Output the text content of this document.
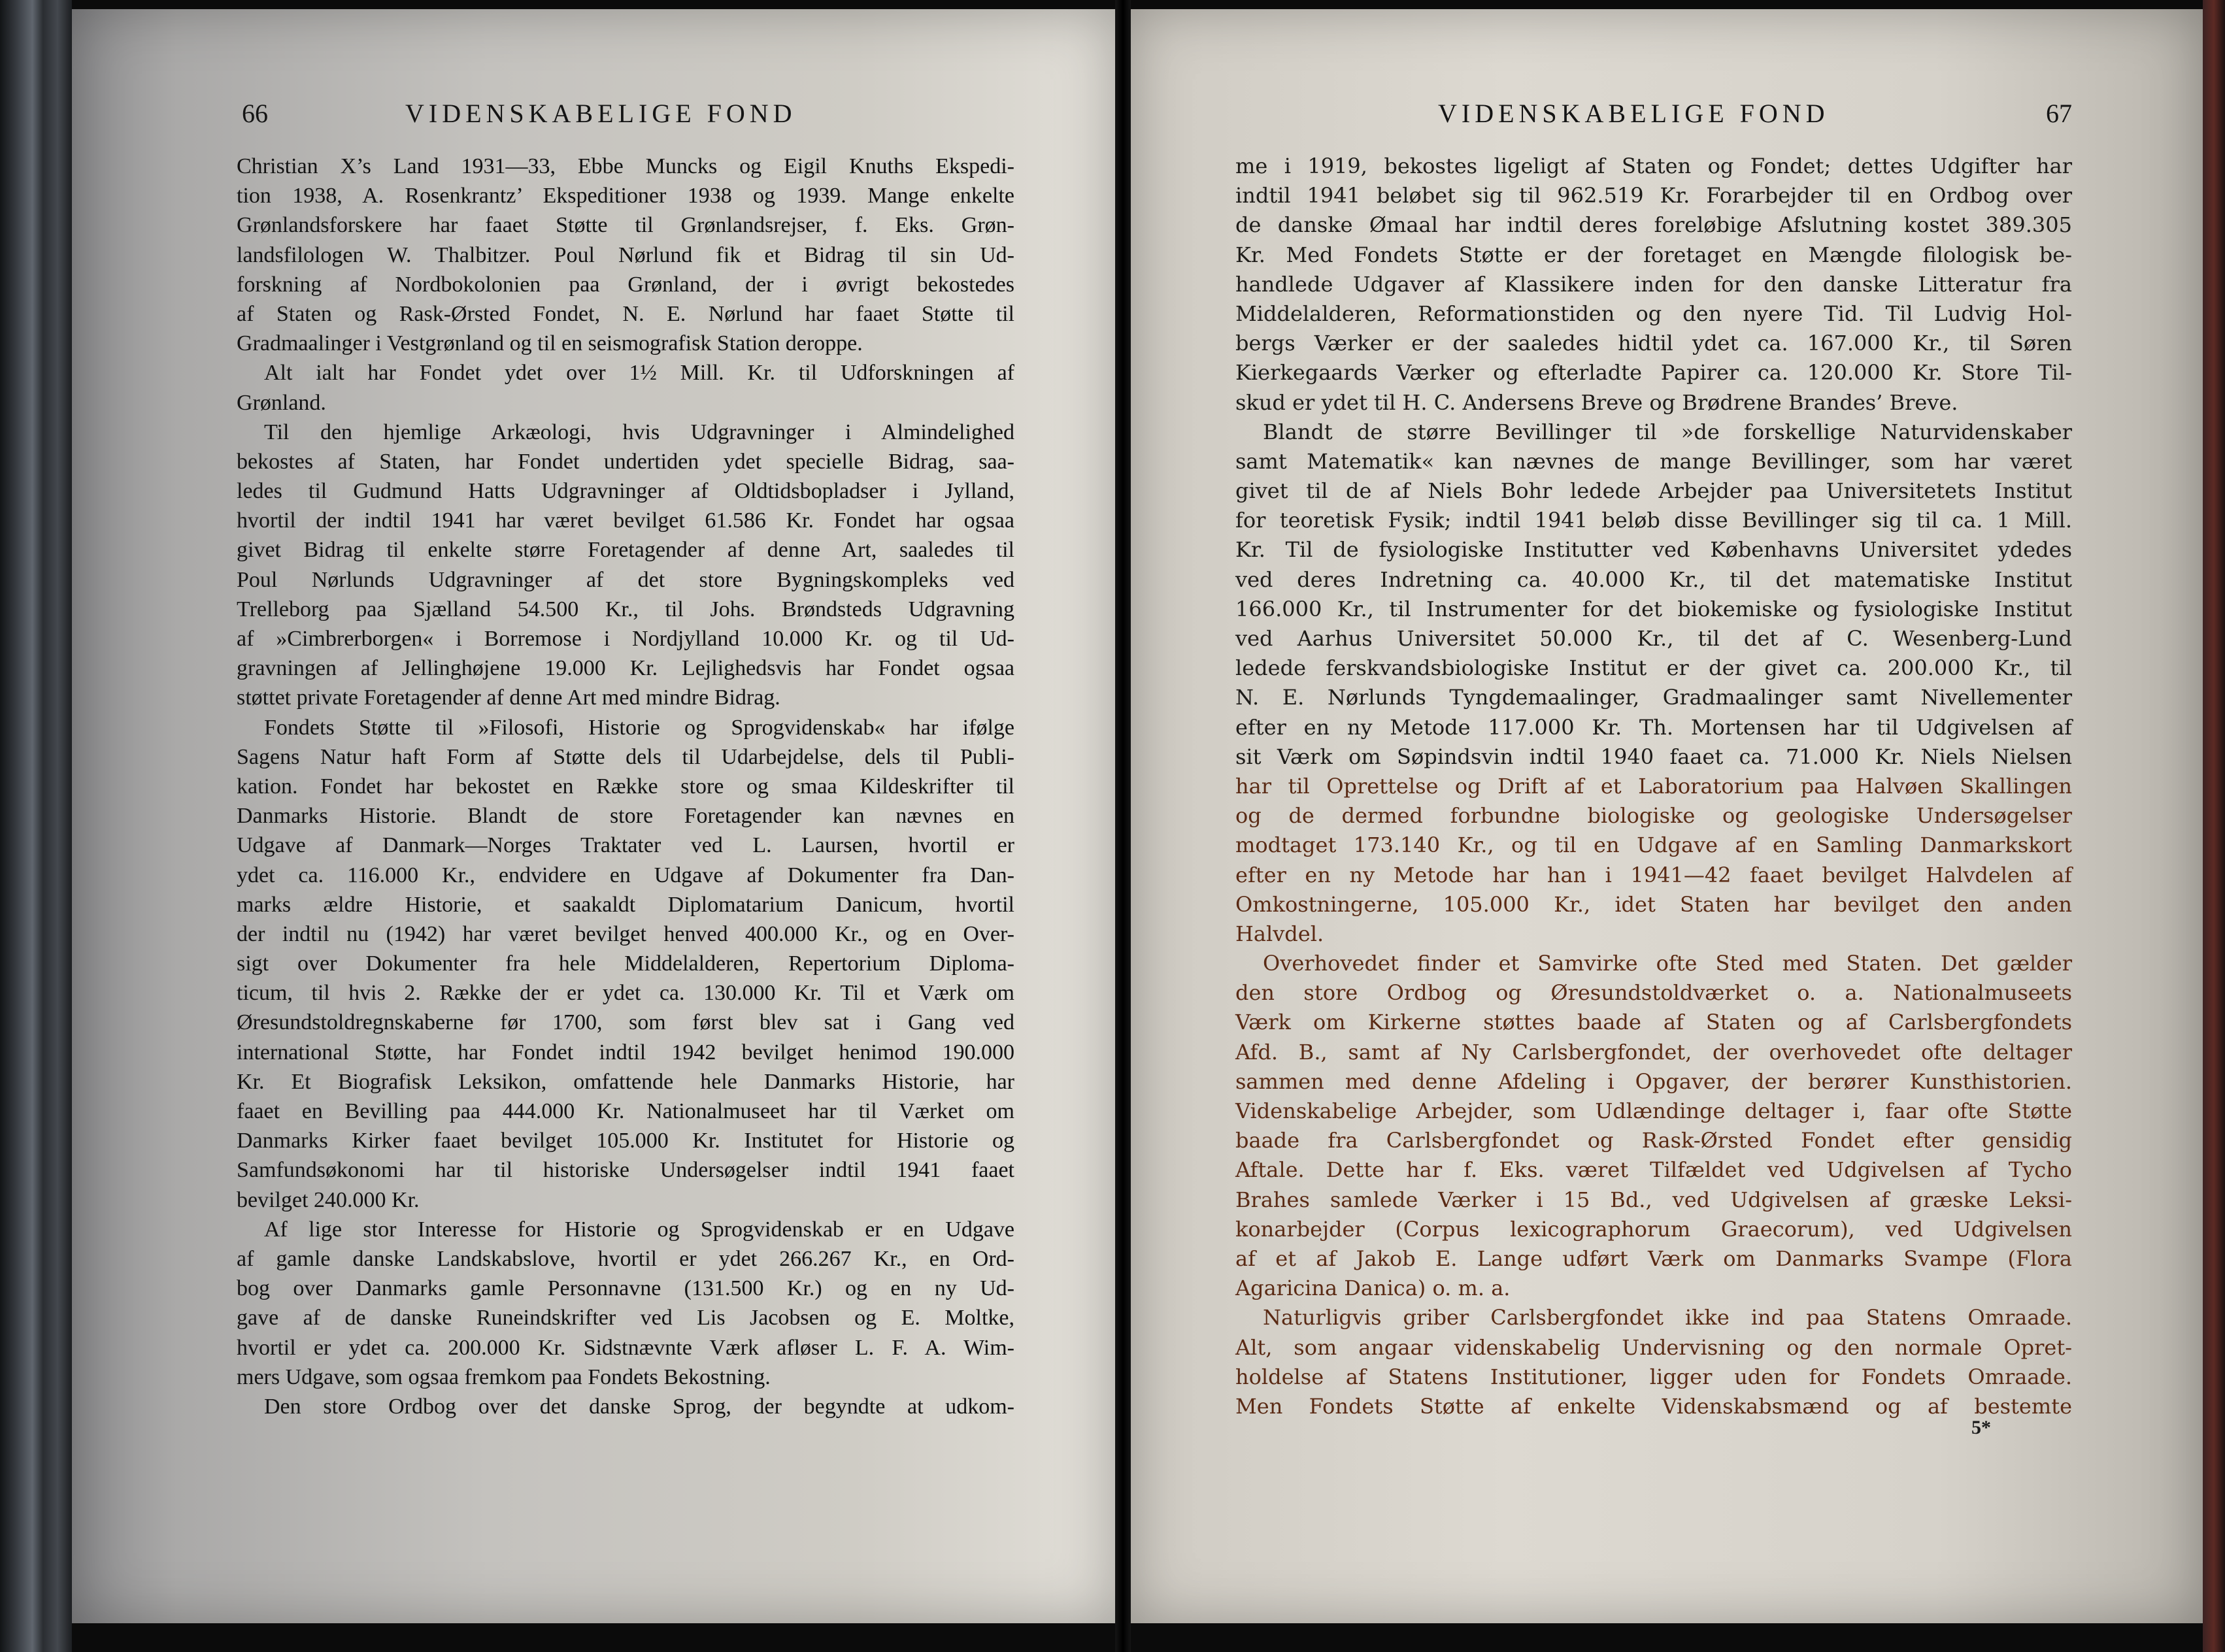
66	VIDENSKABELIGE FOND	VIDENSKABELIGE FOND	67
Christian X’s Land 1931—33, Ebbe Muncks og Eigil Knuths Ekspedi-
tion 1938, A. Rosenkrantz’ Ekspeditioner 1938 og 1939. Mange enkelte
Grønlandsforskere har faaet Støtte til Grønlandsrejser, f. Eks. Grøn-
landsfilologen W. Thalbitzer. Poul Nørlund fik et Bidrag til sin Ud-
forskning af Nordbokolonien paa Grønland, der i øvrigt bekostedes
af Staten og Rask-Ørsted Fondet, N. E. Nørlund har faaet Støtte til
Gradmaalinger i Vestgrønland og til en seismografisk Station deroppe.
Alt ialt har Fondet ydet over 1½ Mill. Kr. til Udforskningen af
Grønland.
Til den hjemlige Arkæologi, hvis Udgravninger i Almindelighed
bekostes af Staten, har Fondet undertiden ydet specielle Bidrag, saa-
ledes til Gudmund Hatts Udgravninger af Oldtidsbopladser i Jylland,
hvortil der indtil 1941 har været bevilget 61.586 Kr. Fondet har ogsaa
givet Bidrag til enkelte større Foretagender af denne Art, saaledes til
Poul Nørlunds Udgravninger af det store Bygningskompleks ved
Trelleborg paa Sjælland 54.500 Kr., til Johs. Brøndsteds Udgravning
af »Cimbrerborgen« i Borremose i Nordjylland 10.000 Kr. og til Ud-
gravningen af Jellinghøjene 19.000 Kr. Lejlighedsvis har Fondet ogsaa
støttet private Foretagender af denne Art med mindre Bidrag.
Fondets Støtte til »Filosofi, Historie og Sprogvidenskab« har ifølge
Sagens Natur haft Form af Støtte dels til Udarbejdelse, dels til Publi-
kation. Fondet har bekostet en Række store og smaa Kildeskrifter til
Danmarks Historie. Blandt de store Foretagender kan nævnes en
Udgave af Danmark—Norges Traktater ved L. Laursen, hvortil er
ydet ca. 116.000 Kr., endvidere en Udgave af Dokumenter fra Dan-
marks ældre Historie, et saakaldt Diplomatarium Danicum, hvortil
der indtil nu (1942) har været bevilget henved 400.000 Kr., og en Over-
sigt over Dokumenter fra hele Middelalderen, Repertorium Diploma-
ticum, til hvis 2. Række der er ydet ca. 130.000 Kr. Til et Værk om
Øresundstoldregnskaberne før 1700, som først blev sat i Gang ved
international Støtte, har Fondet indtil 1942 bevilget henimod 190.000
Kr. Et Biografisk Leksikon, omfattende hele Danmarks Historie, har
faaet en Bevilling paa 444.000 Kr. Nationalmuseet har til Værket om
Danmarks Kirker faaet bevilget 105.000 Kr. Institutet for Historie og
Samfundsøkonomi har til historiske Undersøgelser indtil 1941 faaet
bevilget 240.000 Kr.
Af lige stor Interesse for Historie og Sprogvidenskab er en Udgave
af gamle danske Landskabslove, hvortil er ydet 266.267 Kr., en Ord-
bog over Danmarks gamle Personnavne (131.500 Kr.) og en ny Ud-
gave af de danske Runeindskrifter ved Lis Jacobsen og E. Moltke,
hvortil er ydet ca. 200.000 Kr. Sidstnævnte Værk afløser L. F. A. Wim-
mers Udgave, som ogsaa fremkom paa Fondets Bekostning.
Den store Ordbog over det danske Sprog, der begyndte at udkom-
me i 1919, bekostes ligeligt af Staten og Fondet; dettes Udgifter har
indtil 1941 beløbet sig til 962.519 Kr. Forarbejder til en Ordbog over
de danske Ømaal har indtil deres foreløbige Afslutning kostet 389.305
Kr. Med Fondets Støtte er der foretaget en Mængde filologisk be-
handlede Udgaver af Klassikere inden for den danske Litteratur fra
Middelalderen, Reformationstiden og den nyere Tid. Til Ludvig Hol-
bergs Værker er der saaledes hidtil ydet ca. 167.000 Kr., til Søren
Kierkegaards Værker og efterladte Papirer ca. 120.000 Kr. Store Til-
skud er ydet til H. C. Andersens Breve og Brødrene Brandes’ Breve.
Blandt de større Bevillinger til »de forskellige Naturvidenskaber
samt Matematik« kan nævnes de mange Bevillinger, som har været
givet til de af Niels Bohr ledede Arbejder paa Universitetets Institut
for teoretisk Fysik; indtil 1941 beløb disse Bevillinger sig til ca. 1 Mill.
Kr. Til de fysiologiske Institutter ved Københavns Universitet ydedes
ved deres Indretning ca. 40.000 Kr., til det matematiske Institut
166.000 Kr., til Instrumenter for det biokemiske og fysiologiske Institut
ved Aarhus Universitet 50.000 Kr., til det af C. Wesenberg-Lund
ledede ferskvandsbiologiske Institut er der givet ca. 200.000 Kr., til
N. E. Nørlunds Tyngdemaalinger, Gradmaalinger samt Nivellementer
efter en ny Metode 117.000 Kr. Th. Mortensen har til Udgivelsen af
sit Værk om Søpindsvin indtil 1940 faaet ca. 71.000 Kr. Niels Nielsen
har til Oprettelse og Drift af et Laboratorium paa Halvøen Skallingen
og de dermed forbundne biologiske og geologiske Undersøgelser
modtaget 173.140 Kr., og til en Udgave af en Samling Danmarkskort
efter en ny Metode har han i 1941—42 faaet bevilget Halvdelen af
Omkostningerne, 105.000 Kr., idet Staten har bevilget den anden
Halvdel.
Overhovedet finder et Samvirke ofte Sted med Staten. Det gælder
den store Ordbog og Øresundstoldværket o. a. Nationalmuseets
Værk om Kirkerne støttes baade af Staten og af Carlsbergfondets
Afd. B., samt af Ny Carlsbergfondet, der overhovedet ofte deltager
sammen med denne Afdeling i Opgaver, der berører Kunsthistorien.
Videnskabelige Arbejder, som Udlændinge deltager i, faar ofte Støtte
baade fra Carlsbergfondet og Rask-Ørsted Fondet efter gensidig
Aftale. Dette har f. Eks. været Tilfældet ved Udgivelsen af Tycho
Brahes samlede Værker i 15 Bd., ved Udgivelsen af græske Leksi-
konarbejder (Corpus lexicographorum Graecorum), ved Udgivelsen
af et af Jakob E. Lange udført Værk om Danmarks Svampe (Flora
Agaricina Danica) o. m. a.
Naturligvis griber Carlsbergfondet ikke ind paa Statens Omraade.
Alt, som angaar videnskabelig Undervisning og den normale Opret-
holdelse af Statens Institutioner, ligger uden for Fondets Omraade.
Men Fondets Støtte af enkelte Videnskabsmænd og af bestemte
5*
